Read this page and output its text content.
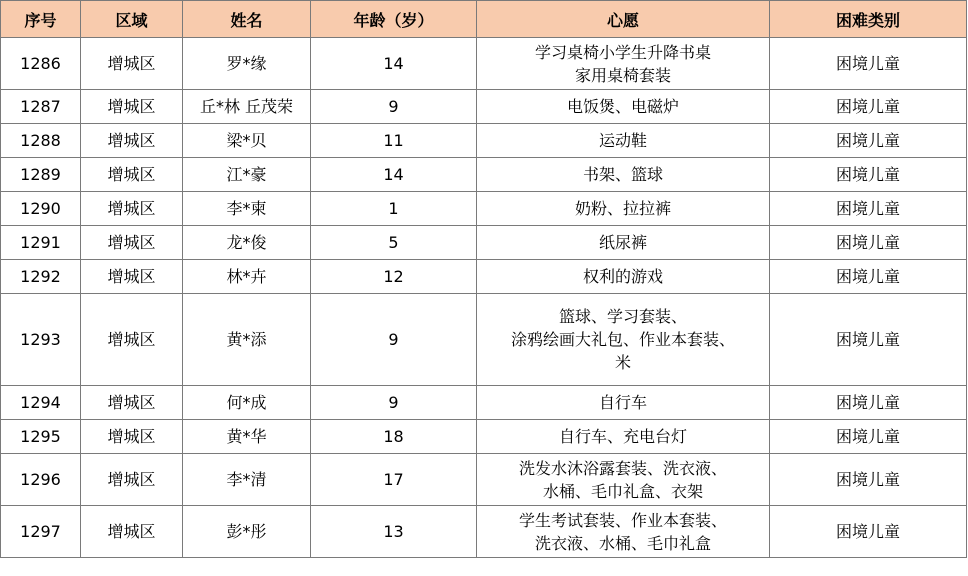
序号	区域	姓名	年龄（岁）	心愿	困难类别
1286	增城区	罗*缘	14	学习桌椅小学生升降书桌
家用桌椅套装	困境儿童
1287	增城区	丘*林 丘茂荣	9	电饭煲、电磁炉	困境儿童
1288	增城区	梁*贝	11	运动鞋	困境儿童
1289	增城区	江*豪	14	书架、篮球	困境儿童
1290	增城区	李*柬	1	奶粉、拉拉裤	困境儿童
1291	增城区	龙*俊	5	纸尿裤	困境儿童
1292	增城区	林*卉	12	权利的游戏	困境儿童
1293	增城区	黄*添	9	篮球、学习套装、
涂鸦绘画大礼包、作业本套装、
米	困境儿童
1294	增城区	何*成	9	自行车	困境儿童
1295	增城区	黄*华	18	自行车、充电台灯	困境儿童
1296	增城区	李*清	17	洗发水沐浴露套装、洗衣液、
水桶、毛巾礼盒、衣架	困境儿童
1297	增城区	彭*彤	13	学生考试套装、作业本套装、
洗衣液、水桶、毛巾礼盒	困境儿童
